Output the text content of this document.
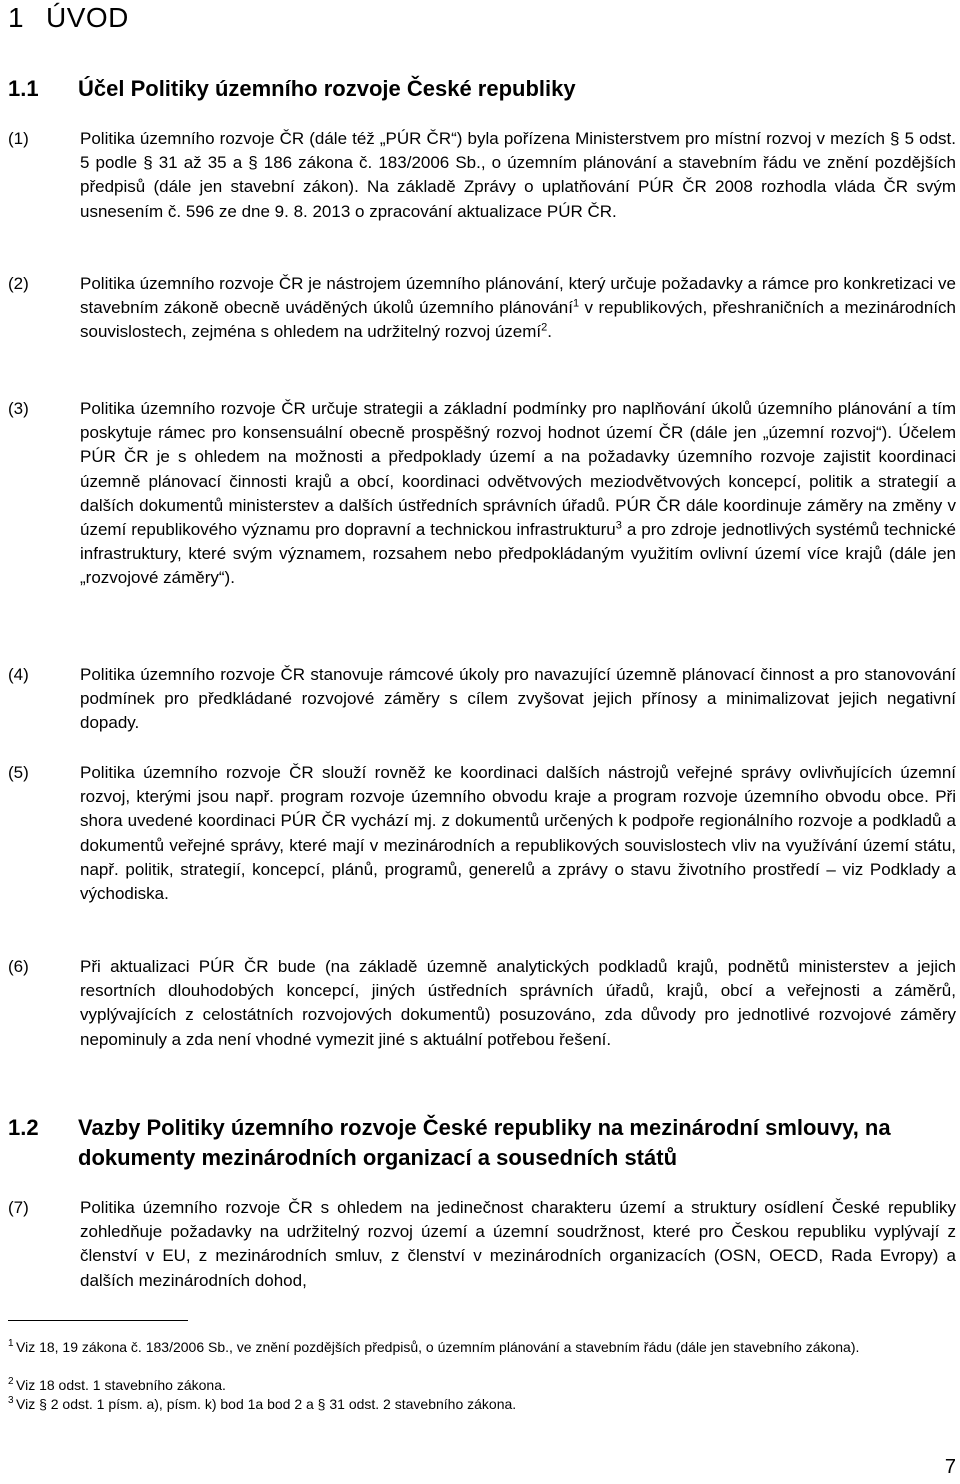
1 ÚVOD
1.1 Účel Politiky územního rozvoje České republiky
(1)	Politika územního rozvoje ČR (dále též „PÚR ČR“) byla pořízena Ministerstvem pro místní rozvoj v mezích § 5 odst. 5 podle § 31 až 35 a § 186 zákona č. 183/2006 Sb., o územním plánování a stavebním řádu ve znění pozdějších předpisů (dále jen stavební zákon). Na základě Zprávy o uplatňování PÚR ČR 2008 rozhodla vláda ČR svým usnesením č. 596 ze dne 9. 8. 2013 o zpracování aktualizace PÚR ČR.
(2)	Politika územního rozvoje ČR je nástrojem územního plánování, který určuje požadavky a rámce pro konkretizaci ve stavebním zákoně obecně uváděných úkolů územního plánování$^1$ v republikových, přeshraničních a mezinárodních souvislostech, zejména s ohledem na udržitelný rozvoj území$^2$.
(3)	Politika územního rozvoje ČR určuje strategii a základní podmínky pro naplňování úkolů územního plánování a tím poskytuje rámec pro konsensuální obecně prospěšný rozvoj hodnot území ČR (dále jen „územní rozvoj“). Účelem PÚR ČR je s ohledem na možnosti a předpoklady území a na požadavky územního rozvoje zajistit koordinaci územně plánovací činnosti krajů a obcí, koordinaci odvětvových meziodvětvových koncepcí, politik a strategií a dalších dokumentů ministerstev a dalších ústředních správních úřadů. PÚR ČR dále koordinuje záměry na změny v území republikového významu pro dopravní a technickou infrastrukturu$^3$ a pro zdroje jednotlivých systémů technické infrastruktury, které svým významem, rozsahem nebo předpokládaným využitím ovlivní území více krajů (dále jen „rozvojové záměry“).
(4)	Politika územního rozvoje ČR stanovuje rámcové úkoly pro navazující územně plánovací činnost a pro stanovování podmínek pro předkládané rozvojové záměry s cílem zvyšovat jejich přínosy a minimalizovat jejich negativní dopady.
(5)	Politika územního rozvoje ČR slouží rovněž ke koordinaci dalších nástrojů veřejné správy ovlivňujících územní rozvoj, kterými jsou např. program rozvoje územního obvodu kraje a program rozvoje územního obvodu obce. Při shora uvedené koordinaci PÚR ČR vychází mj. z dokumentů určených k podpoře regionálního rozvoje a podkladů a dokumentů veřejné správy, které mají v mezinárodních a republikových souvislostech vliv na využívání území státu, např. politik, strategií, koncepcí, plánů, programů, generelů a zprávy o stavu životního prostředí – viz Podklady a východiska.
(6)	Při aktualizaci PÚR ČR bude (na základě územně analytických podkladů krajů, podnětů ministerstev a jejich resortních dlouhodobých koncepcí, jiných ústředních správních úřadů, krajů, obcí a veřejnosti a záměrů, vyplývajících z celostátních rozvojových dokumentů) posuzováno, zda důvody pro jednotlivé rozvojové záměry nepominuly a zda není vhodné vymezit jiné s aktuální potřebou řešení.
1.2 Vazby Politiky územního rozvoje České republiky na mezinárodní smlouvy, na dokumenty mezinárodních organizací a sousedních států
(7)	Politika územního rozvoje ČR s ohledem na jedinečnost charakteru území a struktury osídlení České republiky zohledňuje požadavky na udržitelný rozvoj území a územní soudržnost, které pro Českou republiku vyplývají z členství v EU, z mezinárodních smluv, z členství v mezinárodních organizacích (OSN, OECD, Rada Evropy) a dalších mezinárodních dohod,
1 Viz 18, 19 zákona č. 183/2006 Sb., ve znění pozdějších předpisů, o územním plánování a stavebním řádu (dále jen stavebního zákona).
2 Viz 18 odst. 1 stavebního zákona.
3 Viz § 2 odst. 1 písm. a), písm. k) bod 1a bod 2 a § 31 odst. 2 stavebního zákona.
7
